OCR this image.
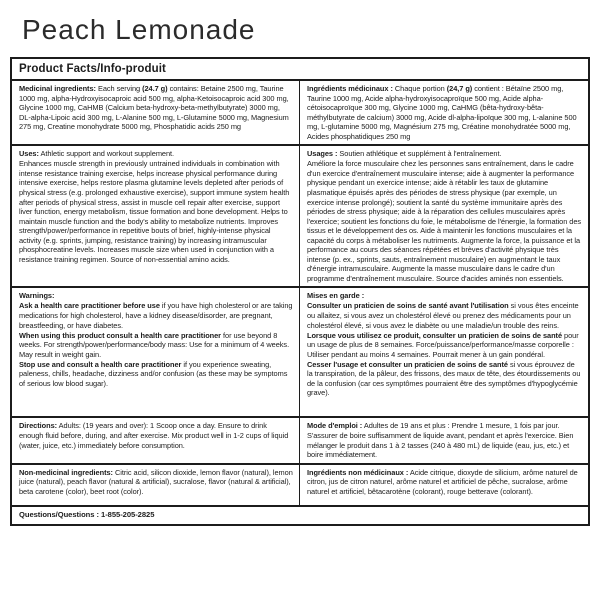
Peach Lemonade
Product Facts/Info-produit

Medicinal ingredients: Each serving (24.7 g) contains: Betaine 2500 mg, Taurine 1000 mg, alpha-Hydroxyisocaproic acid 500 mg, alpha-Ketoisocaproic acid 300 mg, Glycine 1000 mg, CaHMB (Calcium beta-hydroxy-beta-methylbutyrate) 3000 mg, DL-alpha-Lipoic acid 300 mg, L-Alanine 500 mg, L-Glutamine 5000 mg, Magnesium 275 mg, Creatine monohydrate 5000 mg, Phosphatidic acids 250 mg

Ingrédients médicinaux : Chaque portion (24,7 g) contient : Bétaïne 2500 mg, Taurine 1000 mg, Acide alpha-hydroxyisocaproïque 500 mg, Acide alpha-cétoisocaproïque 300 mg, Glycine 1000 mg, CaHMG (bêta-hydroxy-bêta-méthylbutyrate de calcium) 3000 mg, Acide dl-alpha-lipoïque 300 mg, L-alanine 500 mg, L-glutamine 5000 mg, Magnésium 275 mg, Créatine monohydratée 5000 mg, Acides phosphatidiques 250 mg

Uses: Athletic support and workout supplement.

Enhances muscle strength in previously untrained individuals in combination with intense resistance training exercise, helps increase physical performance during intensive exercise, helps restore plasma glutamine levels depleted after periods of physical stress (e.g. prolonged exhaustive exercise), support immune system health after periods of physical stress, assist in muscle cell repair after exercise, support liver function, energy metabolism, tissue formation and bone development. Helps to maintain muscle function and the body's ability to metabolize nutrients. Improves strength/power/performance in repetitive bouts of brief, highly-intense physical activity (e.g. sprints, jumping, resistance training) by increasing intramuscular phosphocreatine levels. Increases muscle size when used in conjunction with a resistance training regimen. Source of non-essential amino acids.

Usages : Soutien athlétique et supplément à l'entraînement.

Améliore la force musculaire chez les personnes sans entraînement, dans le cadre d'un exercice d'entraînement musculaire intense; aide à augmenter la performance physique pendant un exercice intense; aide à rétablir les taux de glutamine plasmatique épuisés après des périodes de stress physique (par exemple, un exercice intense prolongé); soutient la santé du système immunitaire après des périodes de stress physique; aide à la réparation des cellules musculaires après l'exercice; soutient les fonctions du foie, le métabolisme de l'énergie, la formation des tissus et le développement des os. Aide à maintenir les fonctions musculaires et la capacité du corps à métaboliser les nutriments. Augmente la force, la puissance et la performance au cours des séances répétées et brèves d'activité physique très intense (p. ex., sprints, sauts, entraînement musculaire) en augmentant le taux d'énergie intramusculaire. Augmente la masse musculaire dans le cadre d'un programme d'entraînement musculaire. Source d'acides aminés non essentiels.

Warnings:

Ask a health care practitioner before use if you have high cholesterol or are taking medications for high cholesterol, have a kidney disease/disorder, are pregnant, breastfeeding, or have diabetes.

When using this product consult a health care practitioner for use beyond 8 weeks. For strength/power/performance/body mass: Use for a minimum of 4 weeks. May result in weight gain.

Stop use and consult a health care practitioner if you experience sweating, paleness, chills, headache, dizziness and/or confusion (as these may be symptoms of serious low blood sugar).

Mises en garde :

Consulter un praticien de soins de santé avant l'utilisation si vous êtes enceinte ou allaitez, si vous avez un cholestérol élevé ou prenez des médicaments pour un cholestérol élevé, si vous avez le diabète ou une maladie/un trouble des reins.

Lorsque vous utilisez ce produit, consulter un praticien de soins de santé pour un usage de plus de 8 semaines. Force/puissance/performance/masse corporelle : Utiliser pendant au moins 4 semaines. Pourrait mener à un gain pondéral.

Cesser l'usage et consulter un praticien de soins de santé si vous éprouvez de la transpiration, de la pâleur, des frissons, des maux de tête, des étourdissements ou de la confusion (car ces symptômes pourraient être des symptômes d'hypoglycémie grave).

Directions: Adults: (19 years and over): 1 Scoop once a day. Ensure to drink enough fluid before, during, and after exercise. Mix product well in 1-2 cups of liquid (water, juice, etc.) immediately before consumption.

Mode d'emploi : Adultes de 19 ans et plus : Prendre 1 mesure, 1 fois par jour. S'assurer de boire suffisamment de liquide avant, pendant et après l'exercice. Bien mélanger le produit dans 1 à 2 tasses (240 à 480 mL) de liquide (eau, jus, etc.) et boire immédiatement.

Non-medicinal ingredients: Citric acid, silicon dioxide, lemon flavor (natural), lemon juice (natural), peach flavor (natural & artificial), sucralose, flavor (natural & artificial), beta carotene (color), beet root (color).

Ingrédients non médicinaux : Acide citrique, dioxyde de silicium, arôme naturel de citron, jus de citron naturel, arôme naturel et artificiel de pêche, sucralose, arôme naturel et artificiel, bêtacarotène (colorant), rouge betterave (colorant).

Questions/Questions : 1-855-205-2825
